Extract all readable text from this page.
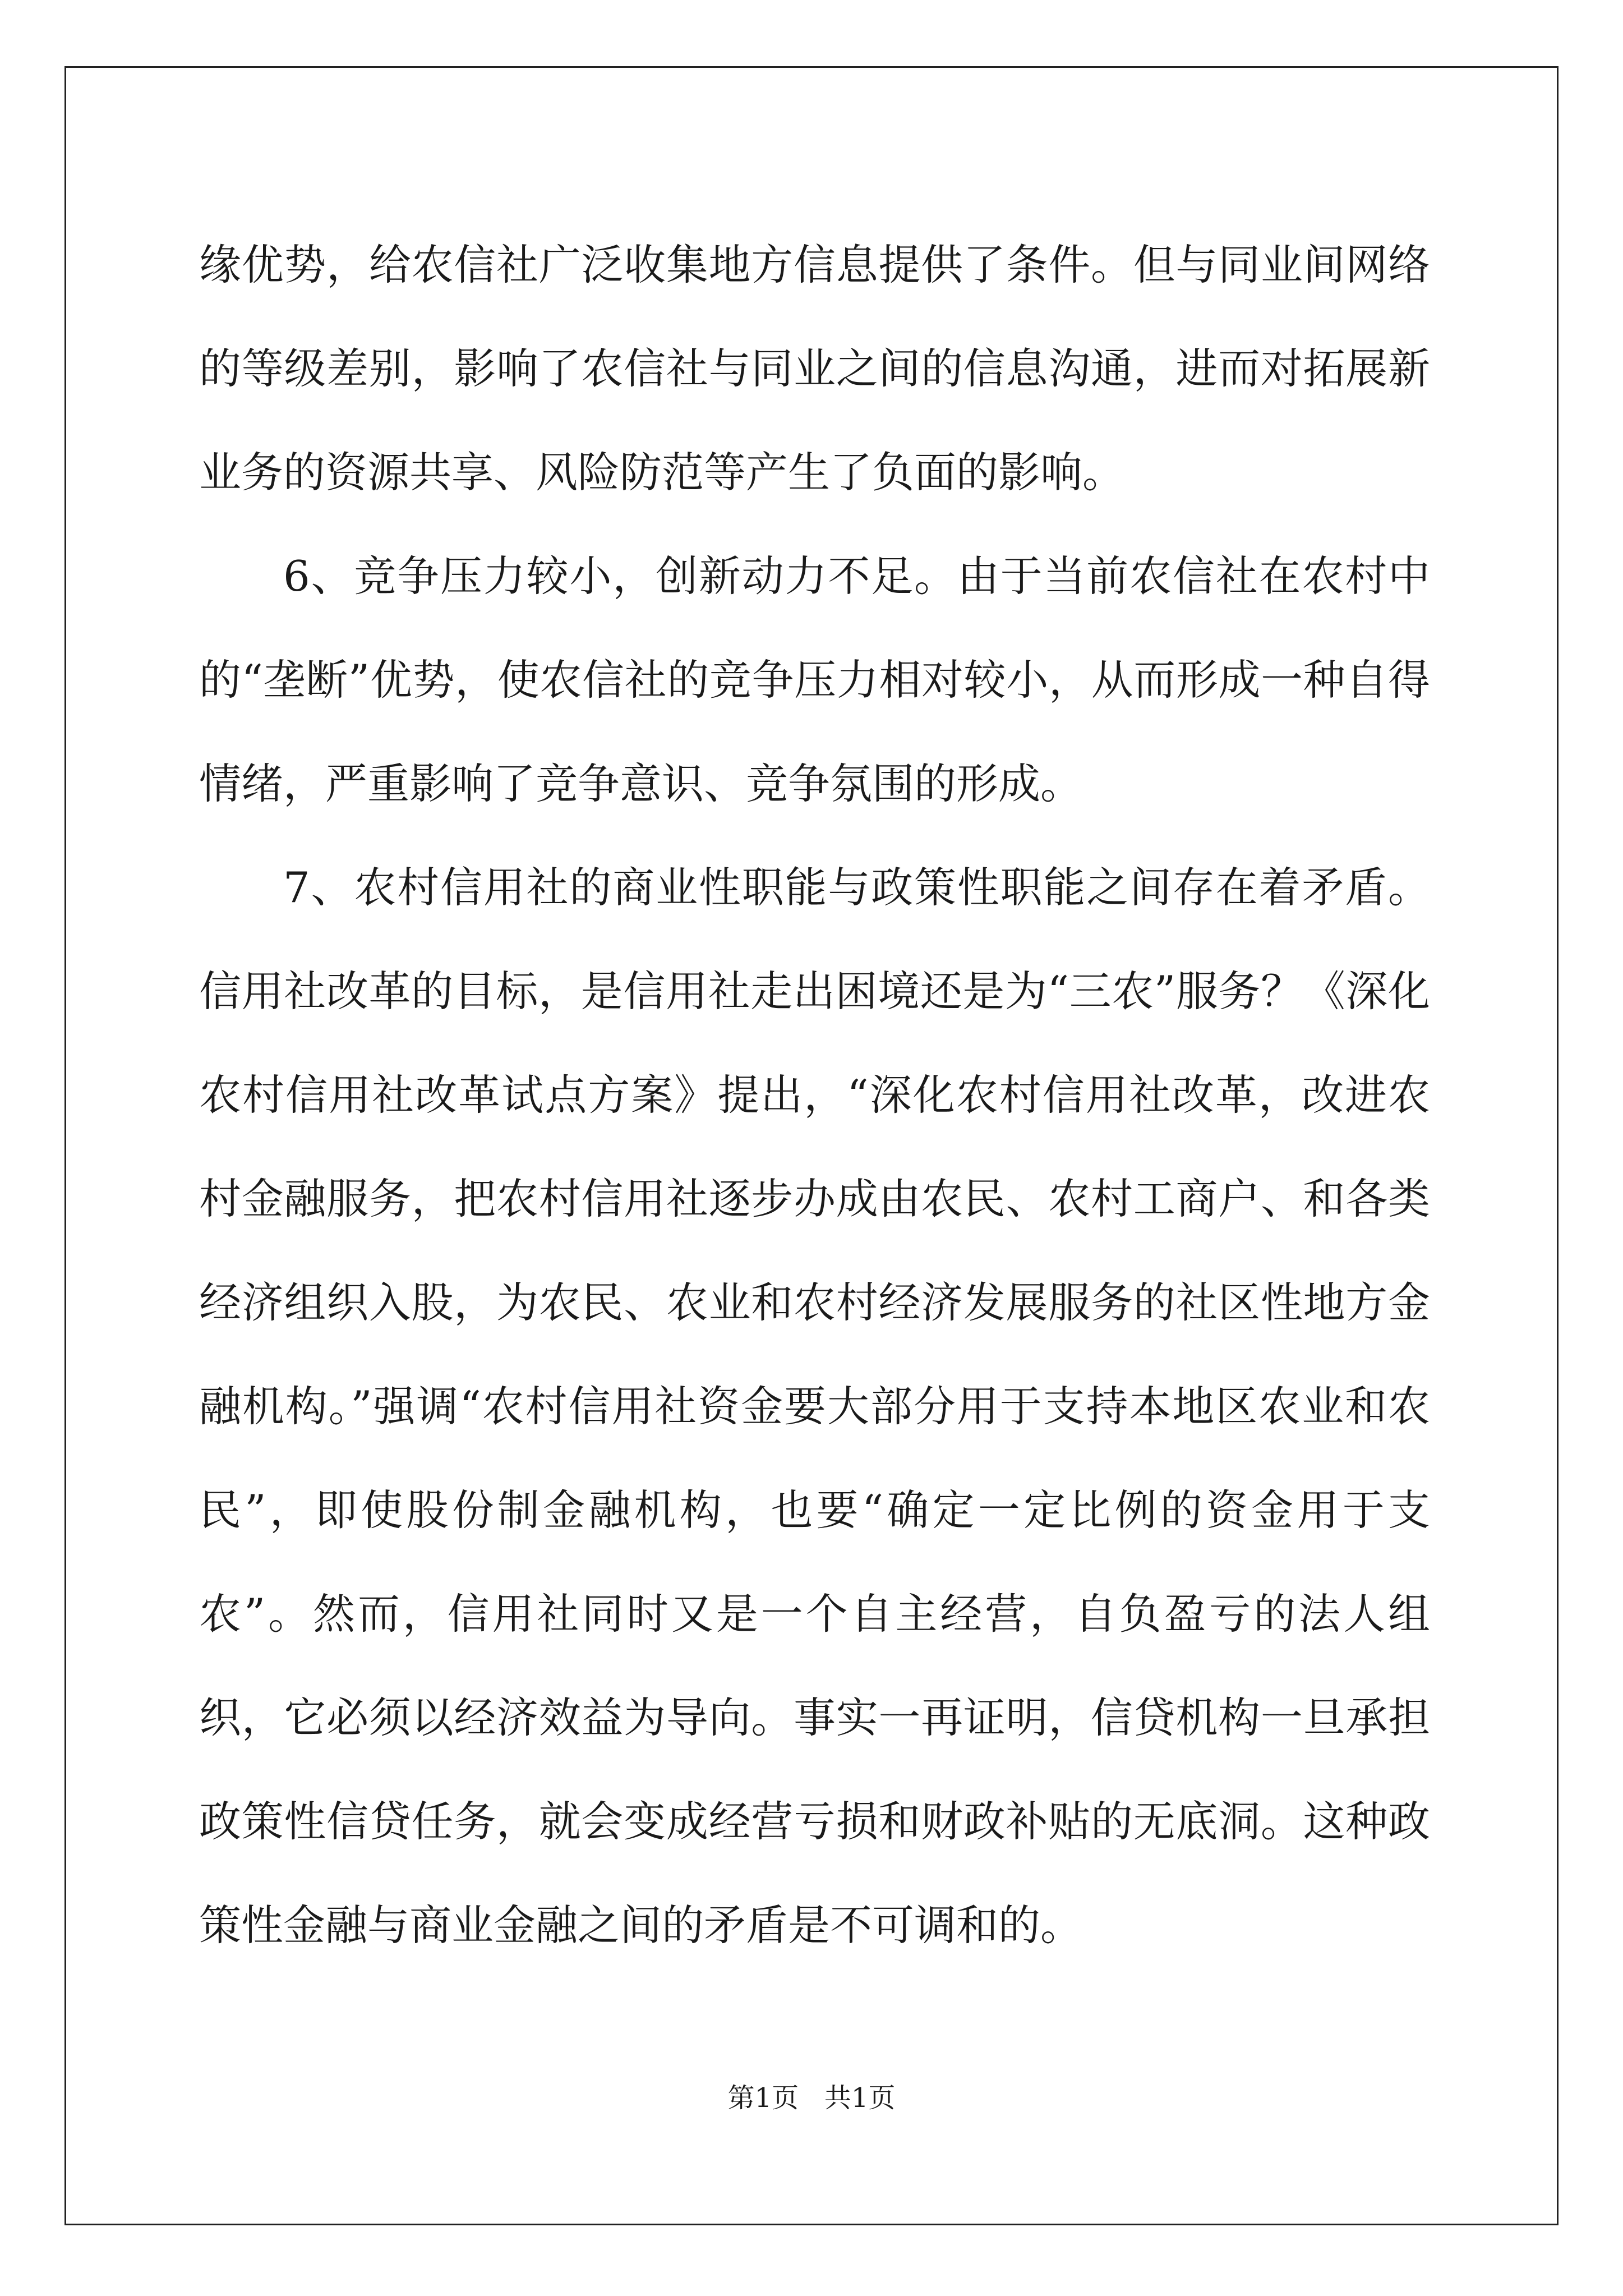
缘优势，给农信社广泛收集地方信息提供了条件。但与同业间网络的等级差别，影响了农信社与同业之间的信息沟通，进而对拓展新业务的资源共享、风险防范等产生了负面的影响。

6、竞争压力较小，创新动力不足。由于当前农信社在农村中的“垄断”优势，使农信社的竞争压力相对较小，从而形成一种自得情绪，严重影响了竞争意识、竞争氛围的形成。

7、农村信用社的商业性职能与政策性职能之间存在着矛盾。信用社改革的目标，是信用社走出困境还是为“三农”服务？《深化农村信用社改革试点方案》提出，“深化农村信用社改革，改进农村金融服务，把农村信用社逐步办成由农民、农村工商户、和各类经济组织入股，为农民、农业和农村经济发展服务的社区性地方金融机构。”强调“农村信用社资金要大部分用于支持本地区农业和农民”，即使股份制金融机构，也要“确定一定比例的资金用于支农”。然而，信用社同时又是一个自主经营，自负盈亏的法人组织，它必须以经济效益为导向。事实一再证明，信贷机构一旦承担政策性信贷任务，就会变成经营亏损和财政补贴的无底洞。这种政策性金融与商业金融之间的矛盾是不可调和的。

第1页 共1页
